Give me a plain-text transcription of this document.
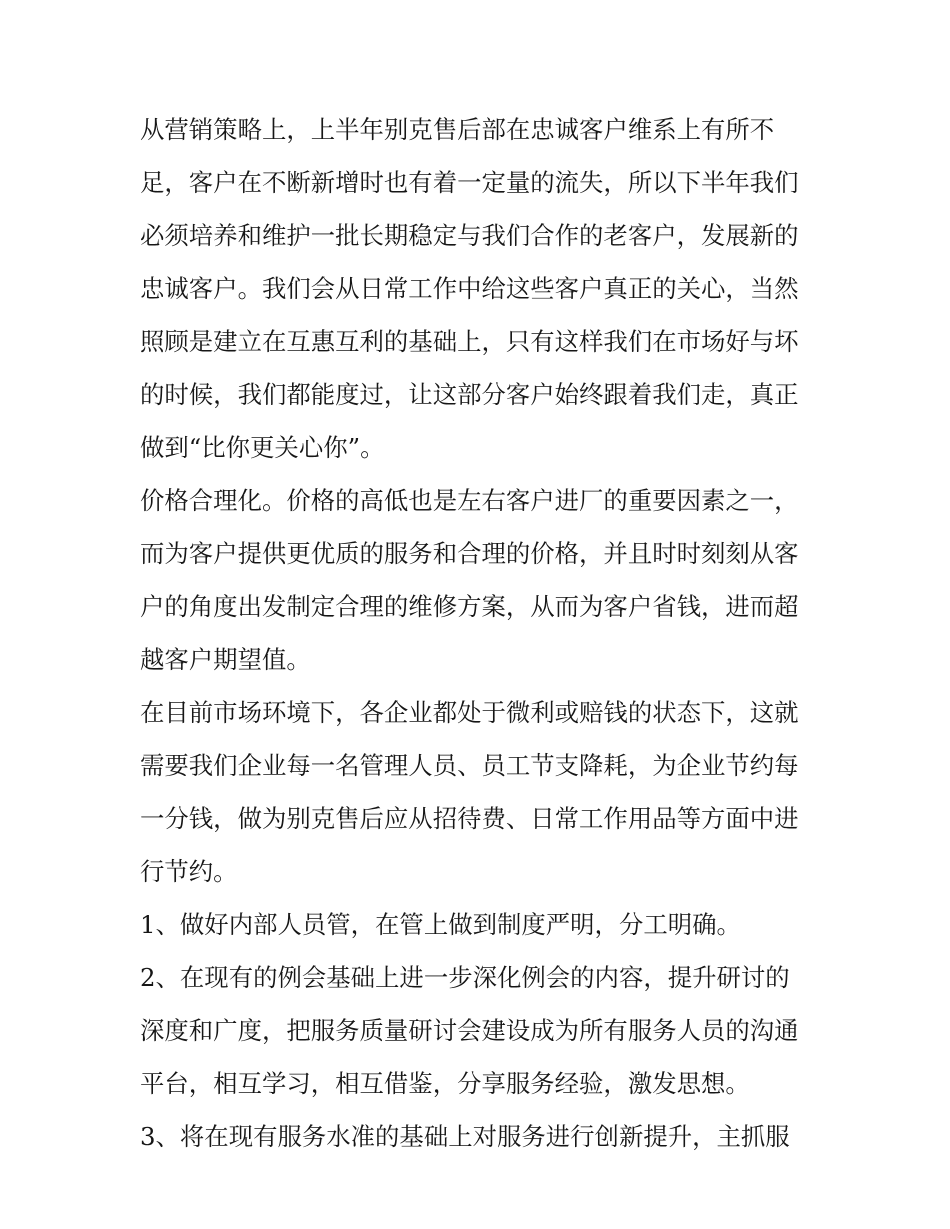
从营销策略上，上半年别克售后部在忠诚客户维系上有所不

足，客户在不断新增时也有着一定量的流失，所以下半年我们

必须培养和维护一批长期稳定与我们合作的老客户，发展新的

忠诚客户。我们会从日常工作中给这些客户真正的关心，当然

照顾是建立在互惠互利的基础上，只有这样我们在市场好与坏

的时候，我们都能度过，让这部分客户始终跟着我们走，真正

做到“比你更关心你”。

价格合理化。价格的高低也是左右客户进厂的重要因素之一，

而为客户提供更优质的服务和合理的价格，并且时时刻刻从客

户的角度出发制定合理的维修方案，从而为客户省钱，进而超

越客户期望值。

在目前市场环境下，各企业都处于微利或赔钱的状态下，这就

需要我们企业每一名管理人员、员工节支降耗，为企业节约每

一分钱，做为别克售后应从招待费、日常工作用品等方面中进

行节约。

1、做好内部人员管，在管上做到制度严明，分工明确。

2、在现有的例会基础上进一步深化例会的内容，提升研讨的

深度和广度，把服务质量研讨会建设成为所有服务人员的沟通

平台，相互学习，相互借鉴，分享服务经验，激发思想。

3、将在现有服务水准的基础上对服务进行创新提升，主抓服
